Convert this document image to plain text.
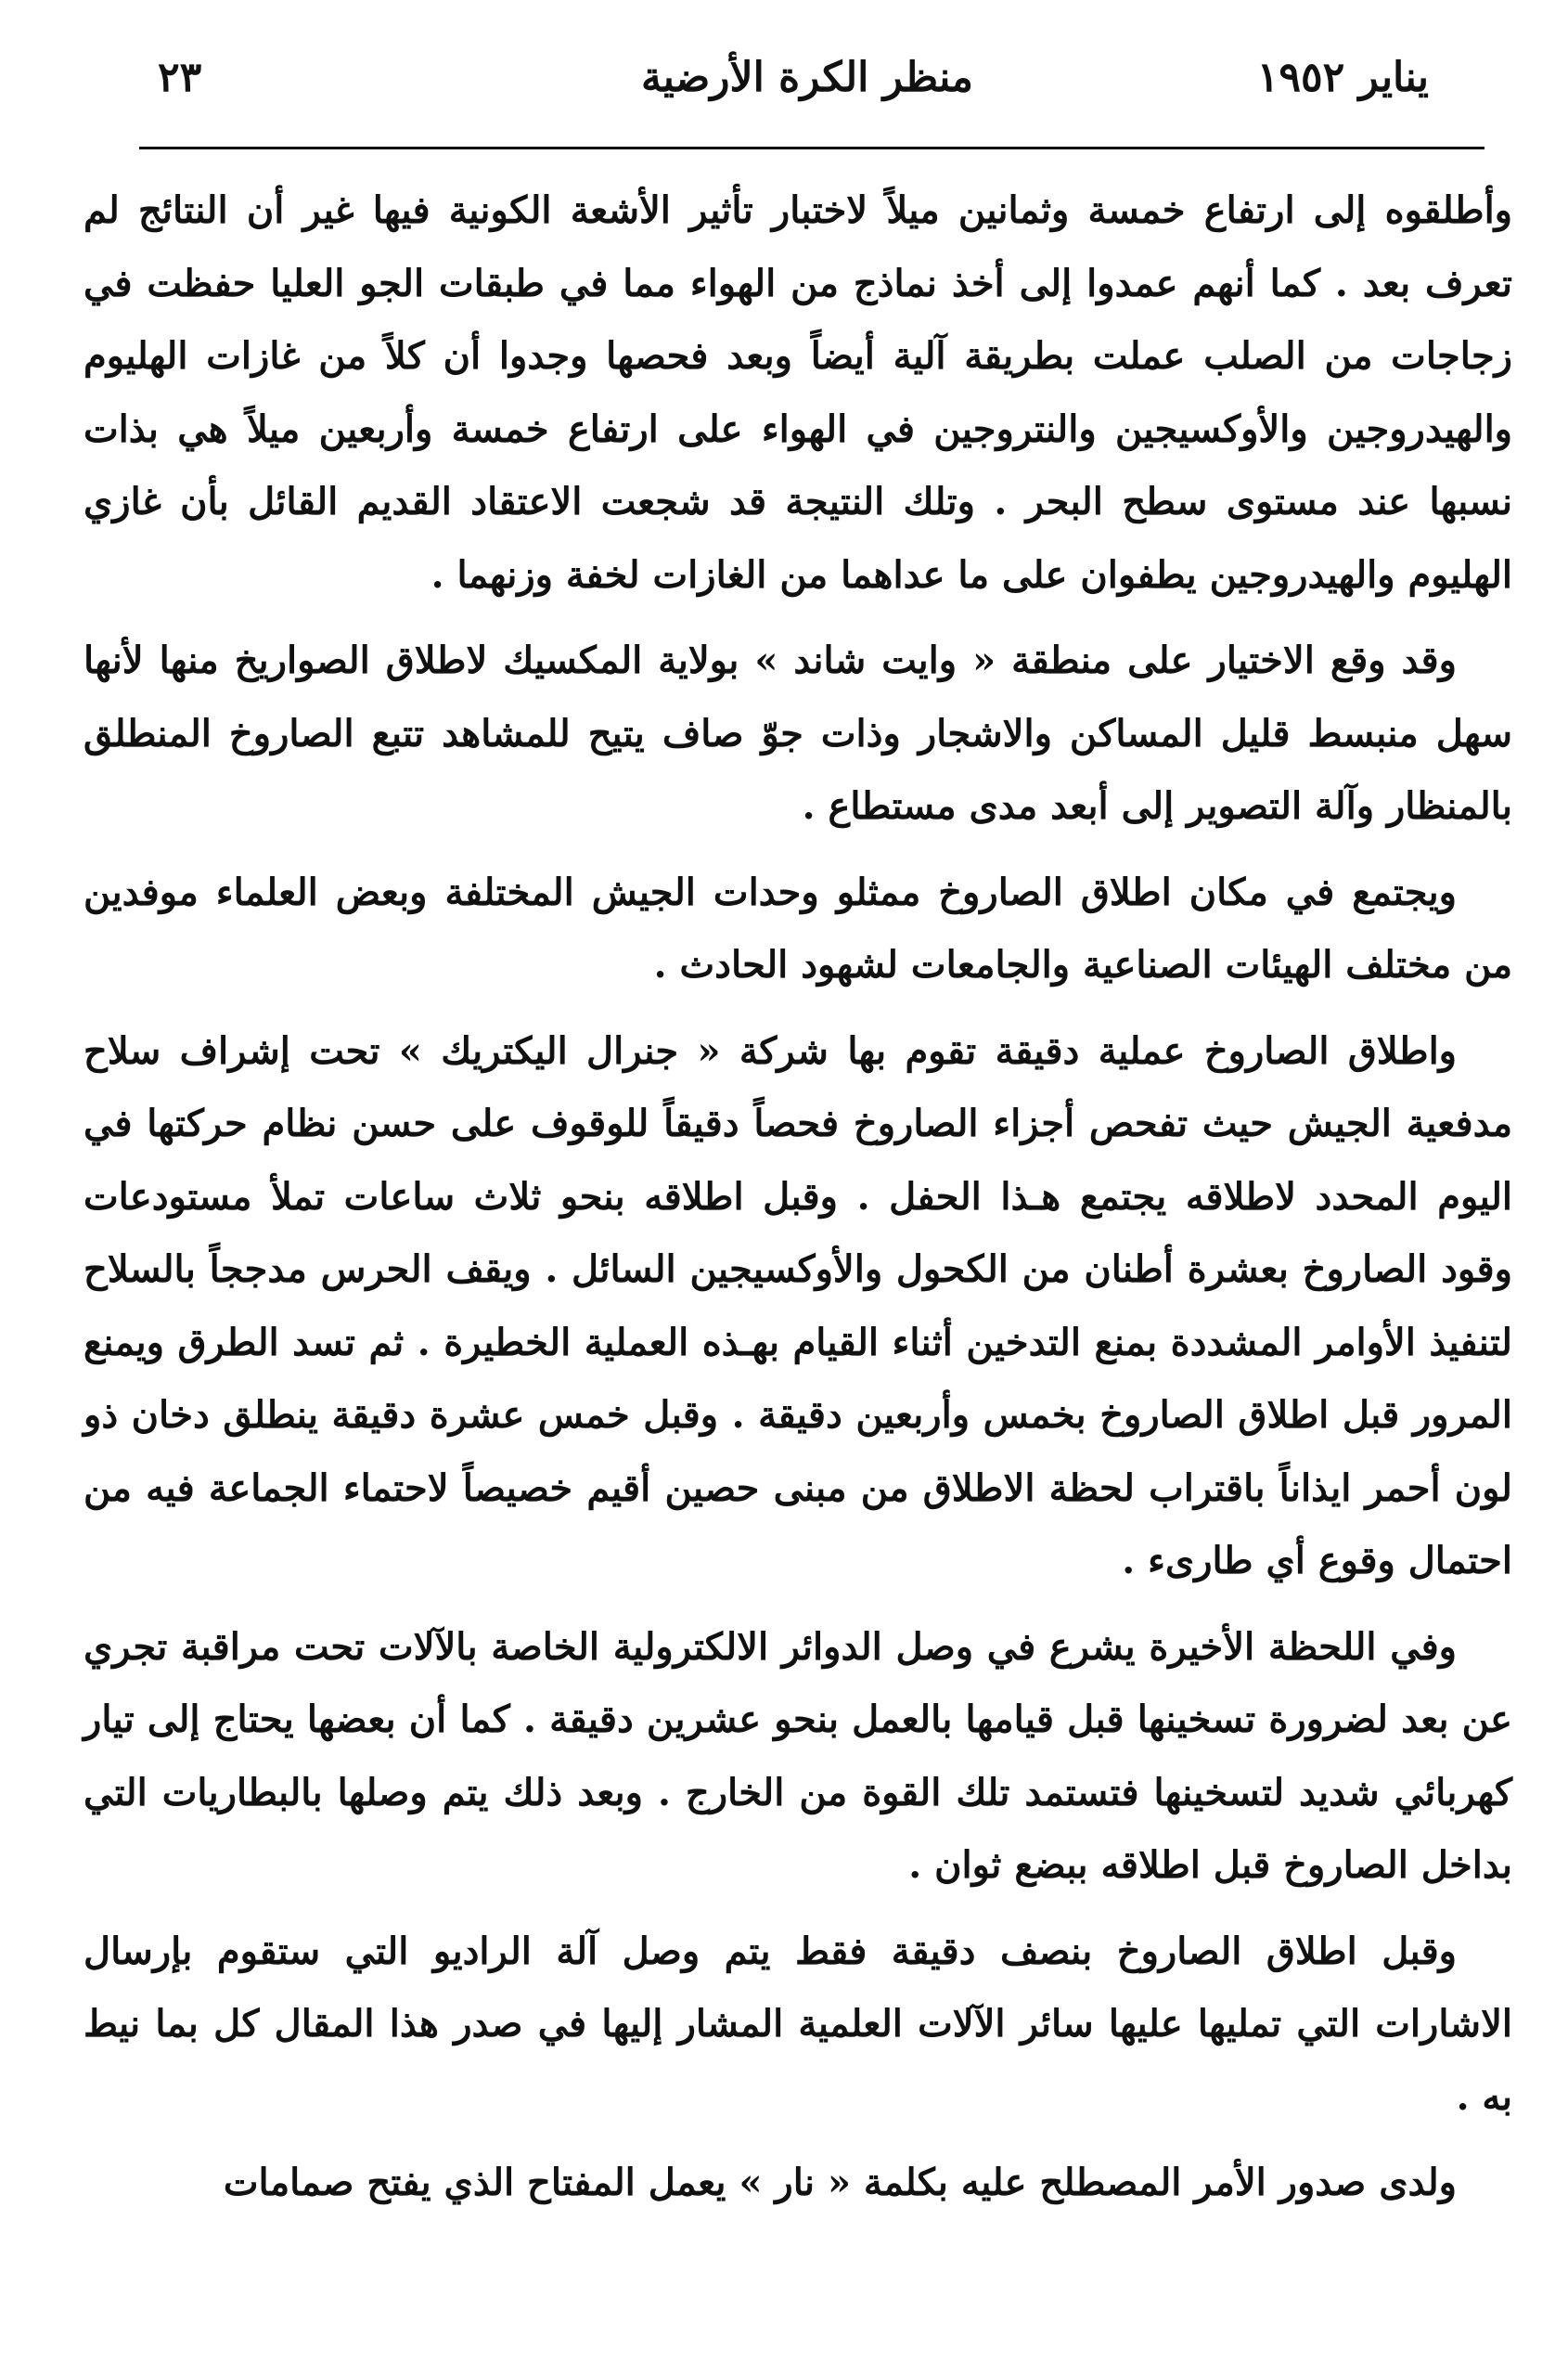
٢٣	منظر الكرة الأرضية	يناير ١٩٥٢

وأطلقوه إلى ارتفاع خمسة وثمانين ميلاً لاختبار تأثير الأشعة الكونية فيها غير أن النتائج لم تعرف بعد . كما أنهم عمدوا إلى أخذ نماذج من الهواء مما في طبقات الجو العليا حفظت في زجاجات من الصلب عملت بطريقة آلية أيضاً وبعد فحصها وجدوا أن كلاً من غازات الهليوم والهيدروجين والأوكسيجين والنتروجين في الهواء على ارتفاع خمسة وأربعين ميلاً هي بذات نسبها عند مستوى سطح البحر . وتلك النتيجة قد شجعت الاعتقاد القديم القائل بأن غازي الهليوم والهيدروجين يطفوان على ما عداهما من الغازات لخفة وزنهما .

وقد وقع الاختيار على منطقة « وايت شاند » بولاية المكسيك لاطلاق الصواريخ منها لأنها سهل منبسط قليل المساكن والاشجار وذات جوّ صاف يتيح للمشاهد تتبع الصاروخ المنطلق بالمنظار وآلة التصوير إلى أبعد مدى مستطاع .

ويجتمع في مكان اطلاق الصاروخ ممثلو وحدات الجيش المختلفة وبعض العلماء موفدين من مختلف الهيئات الصناعية والجامعات لشهود الحادث .

واطلاق الصاروخ عملية دقيقة تقوم بها شركة « جنرال اليكتريك » تحت إشراف سلاح مدفعية الجيش حيث تفحص أجزاء الصاروخ فحصاً دقيقاً للوقوف على حسن نظام حركتها في اليوم المحدد لاطلاقه يجتمع هـذا الحفل . وقبل اطلاقه بنحو ثلاث ساعات تملأ مستودعات وقود الصاروخ بعشرة أطنان من الكحول والأوكسيجين السائل . ويقف الحرس مدججاً بالسلاح لتنفيذ الأوامر المشددة بمنع التدخين أثناء القيام بهـذه العملية الخطيرة . ثم تسد الطرق ويمنع المرور قبل اطلاق الصاروخ بخمس وأربعين دقيقة . وقبل خمس عشرة دقيقة ينطلق دخان ذو لون أحمر ايذاناً باقتراب لحظة الاطلاق من مبنى حصين أقيم خصيصاً لاحتماء الجماعة فيه من احتمال وقوع أي طارىء .

وفي اللحظة الأخيرة يشرع في وصل الدوائر الالكترولية الخاصة بالآلات تحت مراقبة تجري عن بعد لضرورة تسخينها قبل قيامها بالعمل بنحو عشرين دقيقة . كما أن بعضها يحتاج إلى تيار كهربائي شديد لتسخينها فتستمد تلك القوة من الخارج . وبعد ذلك يتم وصلها بالبطاريات التي بداخل الصاروخ قبل اطلاقه ببضع ثوان .

وقبل اطلاق الصاروخ بنصف دقيقة فقط يتم وصل آلة الراديو التي ستقوم بإرسال الاشارات التي تمليها عليها سائر الآلات العلمية المشار إليها في صدر هذا المقال كل بما نيط به .

ولدى صدور الأمر المصطلح عليه بكلمة « نار » يعمل المفتاح الذي يفتح صمامات
